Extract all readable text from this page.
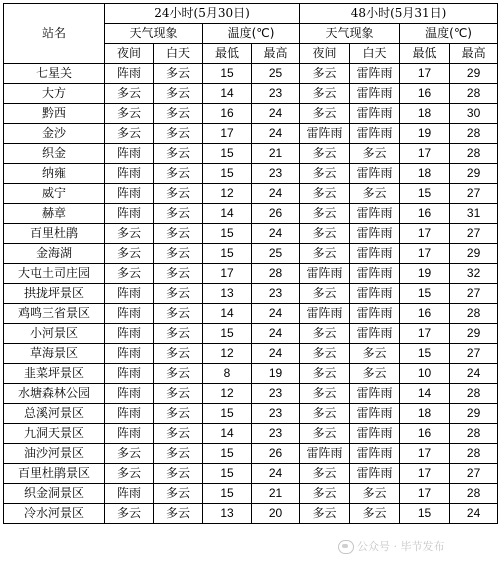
站名	24小时(5月30日)				48小时(5月31日)			
	天气现象		温度(℃)		天气现象		温度(℃)	
	夜间	白天	最低	最高	夜间	白天	最低	最高
七星关	阵雨	多云	15	25	多云	雷阵雨	17	29
大方	多云	多云	14	23	多云	雷阵雨	16	28
黔西	多云	多云	16	24	多云	雷阵雨	18	30
金沙	多云	多云	17	24	雷阵雨	雷阵雨	19	28
织金	阵雨	多云	15	21	多云	多云	17	28
纳雍	阵雨	多云	15	23	多云	雷阵雨	18	29
威宁	阵雨	多云	12	24	多云	多云	15	27
赫章	阵雨	多云	14	26	多云	雷阵雨	16	31
百里杜鹃	多云	多云	15	24	多云	雷阵雨	17	27
金海湖	多云	多云	15	25	多云	雷阵雨	17	29
大屯土司庄园	多云	多云	17	28	雷阵雨	雷阵雨	19	32
拱拢坪景区	阵雨	多云	13	23	多云	雷阵雨	15	27
鸡鸣三省景区	阵雨	多云	14	24	雷阵雨	雷阵雨	16	28
小河景区	阵雨	多云	15	24	多云	雷阵雨	17	29
草海景区	阵雨	多云	12	24	多云	多云	15	27
韭菜坪景区	阵雨	多云	8	19	多云	多云	10	24
水塘森林公园	阵雨	多云	12	23	多云	雷阵雨	14	28
总溪河景区	阵雨	多云	15	23	多云	雷阵雨	18	29
九洞天景区	阵雨	多云	14	23	多云	雷阵雨	16	28
油沙河景区	多云	多云	15	26	雷阵雨	雷阵雨	17	28
百里杜鹃景区	多云	多云	15	24	多云	雷阵雨	17	27
织金洞景区	阵雨	多云	15	21	多云	多云	17	28
冷水河景区	多云	多云	13	20	多云	多云	15	24
公众号 · 毕节发布
